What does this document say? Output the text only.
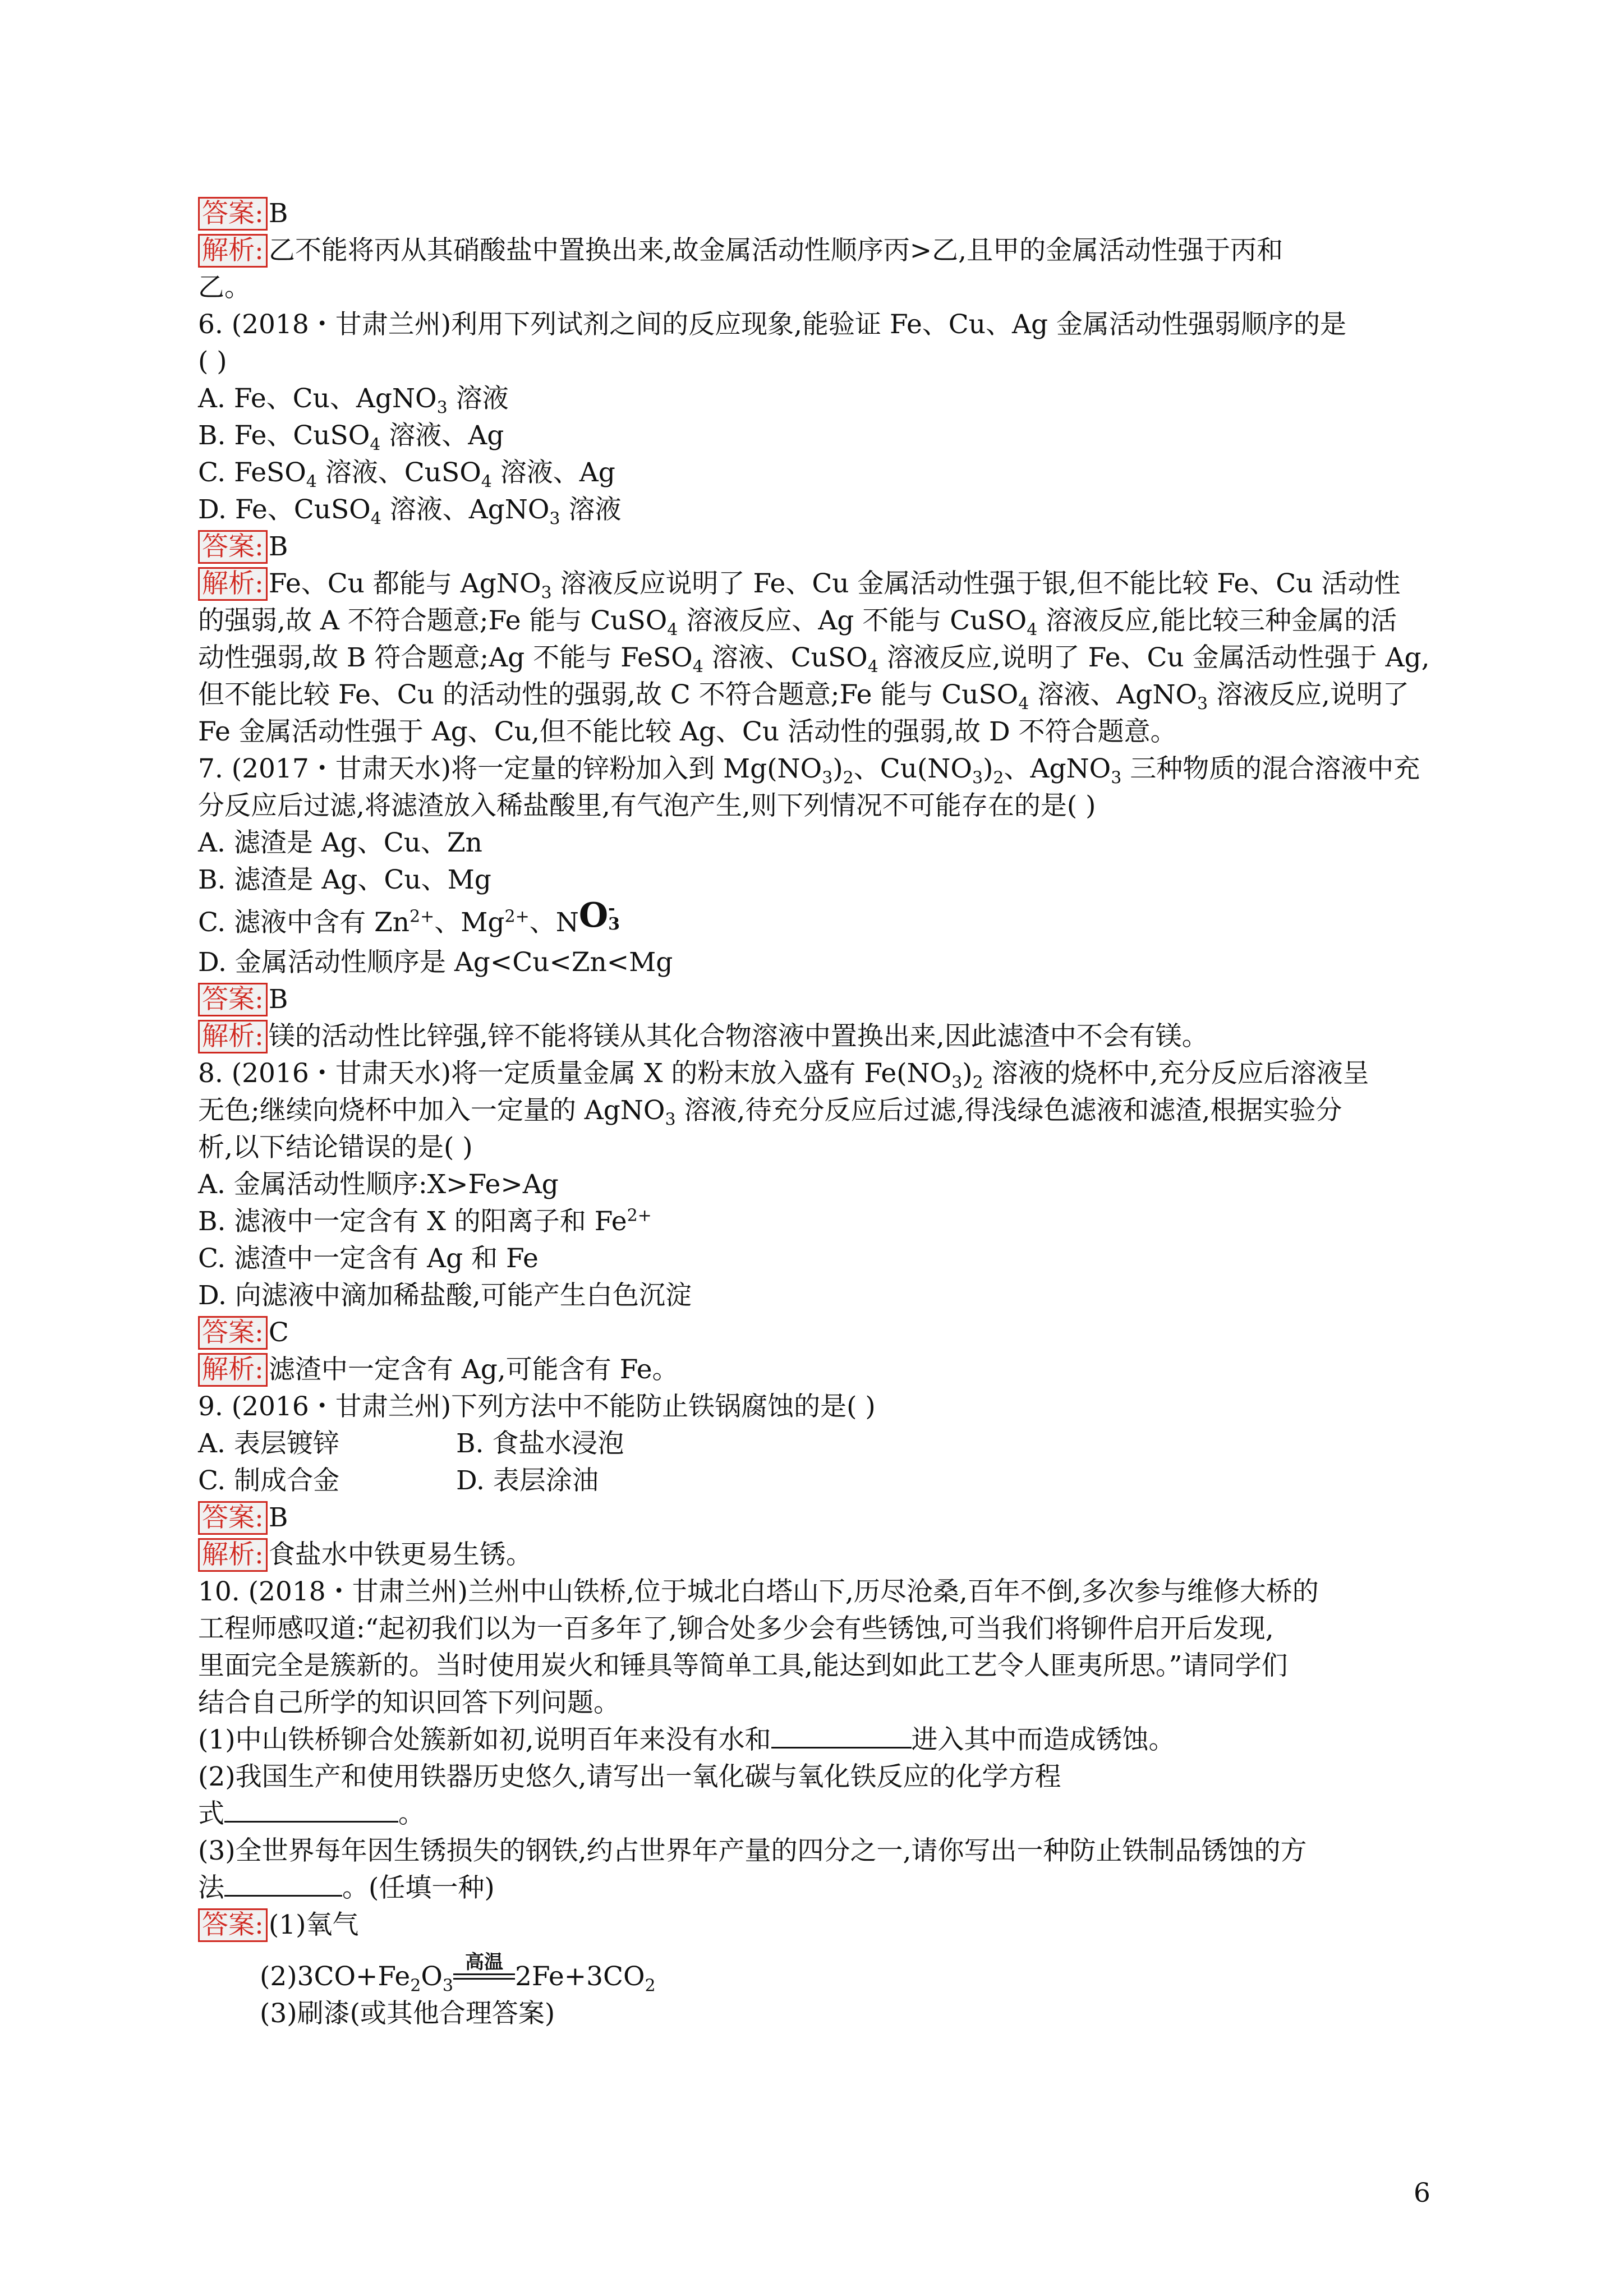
答案: B
解析: 乙不能将丙从其硝酸盐中置换出来,故金属活动性顺序丙>乙,且甲的金属活动性强于丙和
乙。
6. (2018・甘肃兰州)利用下列试剂之间的反应现象,能验证 Fe、Cu、Ag 金属活动性强弱顺序的是
( )
A. Fe、Cu、AgNO$_3$ 溶液
B. Fe、CuSO$_4$ 溶液、Ag
C. FeSO$_4$ 溶液、CuSO$_4$ 溶液、Ag
D. Fe、CuSO$_4$ 溶液、AgNO$_3$ 溶液
答案: B
解析: Fe、Cu 都能与 AgNO$_3$ 溶液反应说明了 Fe、Cu 金属活动性强于银,但不能比较 Fe、Cu 活动性
的强弱,故 A 不符合题意;Fe 能与 CuSO$_4$ 溶液反应、Ag 不能与 CuSO$_4$ 溶液反应,能比较三种金属的活
动性强弱,故 B 符合题意;Ag 不能与 FeSO$_4$ 溶液、CuSO$_4$ 溶液反应,说明了 Fe、Cu 金属活动性强于 Ag,
但不能比较 Fe、Cu 的活动性的强弱,故 C 不符合题意;Fe 能与 CuSO$_4$ 溶液、AgNO$_3$ 溶液反应,说明了
Fe 金属活动性强于 Ag、Cu,但不能比较 Ag、Cu 活动性的强弱,故 D 不符合题意。
7. (2017・甘肃天水)将一定量的锌粉加入到 $Mg(NO_3)_2$、$Cu(NO_3)_2$、AgNO$_3$ 三种物质的混合溶液中充
分反应后过滤,将滤渣放入稀盐酸里,有气泡产生,则下列情况不可能存在的是( )
A. 滤渣是 Ag、Cu、Zn
B. 滤渣是 Ag、Cu、Mg
C. 滤液中含有 $Zn^{2+}$、$Mg^{2+}$、NO -
3
D. 金属活动性顺序是 Ag<Cu<Zn<Mg
答案: B
解析: 镁的活动性比锌强,锌不能将镁从其化合物溶液中置换出来,因此滤渣中不会有镁。
8. (2016・甘肃天水)将一定质量金属 X 的粉末放入盛有 $Fe(NO_3)_2$ 溶液的烧杯中,充分反应后溶液呈
无色;继续向烧杯中加入一定量的 AgNO$_3$ 溶液,待充分反应后过滤,得浅绿色滤液和滤渣,根据实验分
析,以下结论错误的是( )
A. 金属活动性顺序:X>Fe>Ag
B. 滤液中一定含有 X 的阳离子和 $Fe^{2+}$
C. 滤渣中一定含有 Ag 和 Fe
D. 向滤液中滴加稀盐酸,可能产生白色沉淀
答案: C
解析: 滤渣中一定含有 Ag,可能含有 Fe。
9. (2016・甘肃兰州)下列方法中不能防止铁锅腐蚀的是( )
A. 表层镀锌	B. 食盐水浸泡
C. 制成合金	D. 表层涂油
答案: B
解析: 食盐水中铁更易生锈。
10. (2018・甘肃兰州)兰州中山铁桥,位于城北白塔山下,历尽沧桑,百年不倒,多次参与维修大桥的
工程师感叹道:“起初我们以为一百多年了,铆合处多少会有些锈蚀,可当我们将铆件启开后发现,
里面完全是簇新的。当时使用炭火和锤具等简单工具,能达到如此工艺令人匪夷所思。”请同学们
结合自己所学的知识回答下列问题。
(1)中山铁桥铆合处簇新如初,说明百年来没有水和	进入其中而造成锈蚀。
(2)我国生产和使用铁器历史悠久,请写出一氧化碳与氧化铁反应的化学方程
式	。
(3)全世界每年因生锈损失的钢铁,约占世界年产量的四分之一,请你写出一种防止铁制品锈蚀的方
法	。(任填一种)
答案: (1)氧气
$(2)3CO+Fe_2O_3$
高温 $2Fe+3CO_2$
(3)刷漆(或其他合理答案)
6
